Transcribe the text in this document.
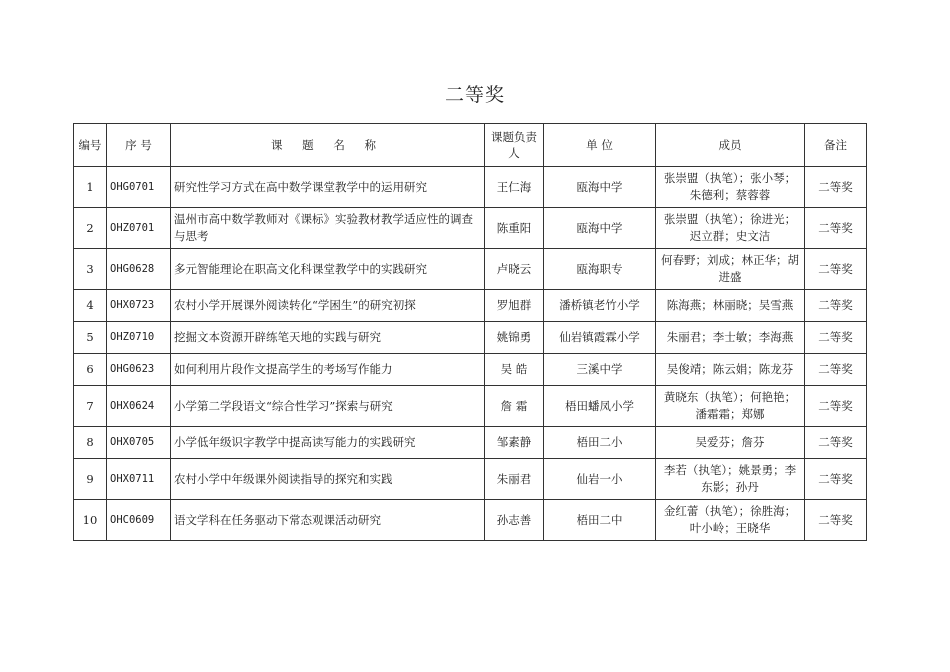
二等奖
编号	序 号	课 题 名 称	课题负责人	单 位	成员	备注
1	OHG0701	研究性学习方式在高中数学课堂教学中的运用研究	王仁海	瓯海中学	张崇盟（执笔）；张小琴；朱德利；蔡蓉蓉	二等奖
2	OHZ0701	温州市高中数学教师对《课标》实验教材教学适应性的调查与思考	陈重阳	瓯海中学	张崇盟（执笔）；徐进光；迟立群；史文洁	二等奖
3	OHG0628	多元智能理论在职高文化科课堂教学中的实践研究	卢晓云	瓯海职专	何春野；刘成；林正华；胡进盛	二等奖
4	OHX0723	农村小学开展课外阅读转化“学困生”的研究初探	罗旭群	潘桥镇老竹小学	陈海燕；林丽晓；吴雪燕	二等奖
5	OHZ0710	挖掘文本资源开辟练笔天地的实践与研究	姚锦勇	仙岩镇霞霖小学	朱丽君；李士敏；李海燕	二等奖
6	OHG0623	如何利用片段作文提高学生的考场写作能力	吴 皓	三溪中学	吴俊靖；陈云娟；陈龙芬	二等奖
7	OHX0624	小学第二学段语文“综合性学习”探索与研究	詹 霜	梧田蟠凤小学	黄晓东（执笔）；何艳艳；潘霜霜；郑娜	二等奖
8	OHX0705	小学低年级识字教学中提高读写能力的实践研究	邹素静	梧田二小	吴爱芬；詹芬	二等奖
9	OHX0711	农村小学中年级课外阅读指导的探究和实践	朱丽君	仙岩一小	李若（执笔）；姚景勇；李东影；孙丹	二等奖
10	OHC0609	语文学科在任务驱动下常态观课活动研究	孙志善	梧田二中	金红蕾（执笔）；徐胜海；叶小岭；王晓华	二等奖
